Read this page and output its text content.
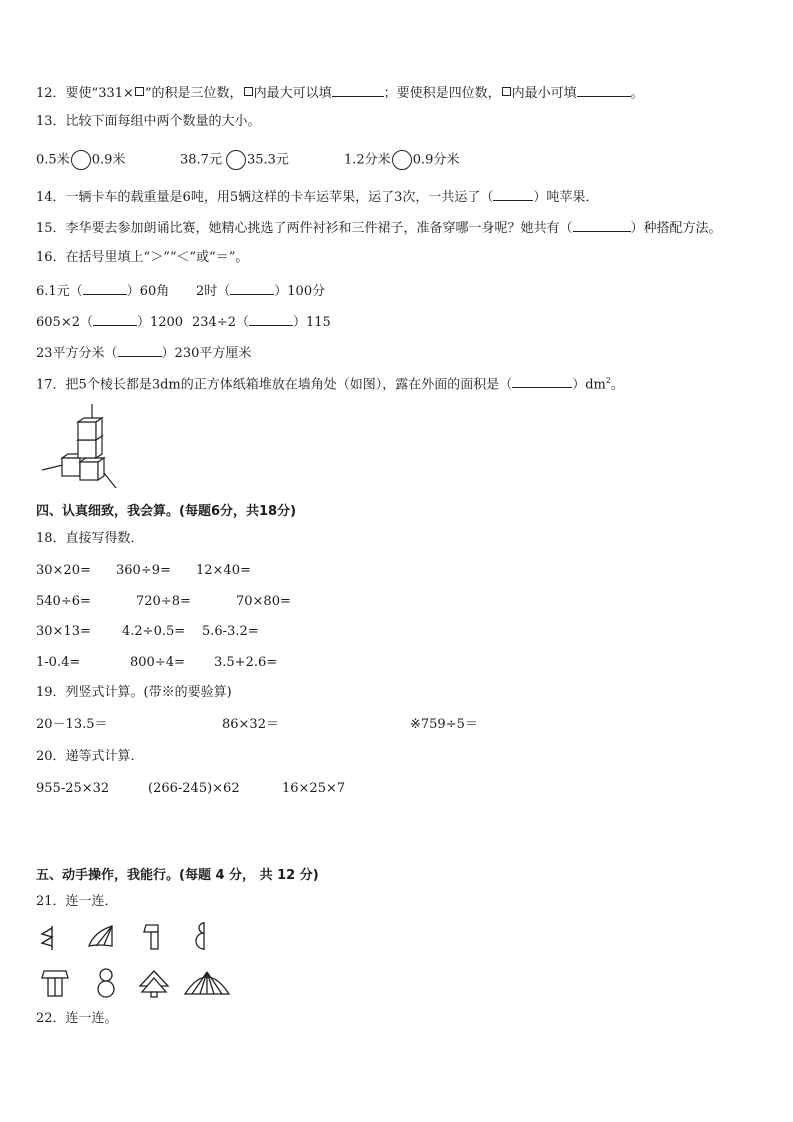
12．要使“331× ”的积是三位数， 内最大可以填	；要使积是四位数， 内最小可填	。
13．比较下面每组中两个数量的大小。
0.5米 0.9米	38.7元 35.3元	1.2分米 0.9分米
14．一辆卡车的载重量是6吨，用5辆这样的卡车运苹果，运了3次，一共运了（	）吨苹果．
15．李华要去参加朗诵比赛，她精心挑选了两件衬衫和三件裙子，准备穿哪一身呢？她共有（	）种搭配方法。
16．在括号里填上“＞”“＜”或“＝”。
6.1元（	）60角 2时（	）100分
605×2（	）1200 234÷2（	）115
23平方分米（	）230平方厘米
17．把5个棱长都是3dm的正方体纸箱堆放在墙角处（如图），露在外面的面积是（	）$dm^2$。
四、认真细致，我会算。(每题6分，共18分)
18．直接写得数．
30×20= 360÷9= 12×40=
540÷6=	720÷8=	70×80=
30×13= 4.2÷0.5= 5.6-3.2=
1-0.4=	800÷4= 3.5+2.6=
19．列竖式计算。(带※的要验算)
20－13.5＝	86×32＝	※759÷5＝
20．递等式计算．
955-25×32	(266-245)×62	16×25×7
五、动手操作，我能行。(每题 4 分， 共 12 分)
21．连一连．
22．连一连。
